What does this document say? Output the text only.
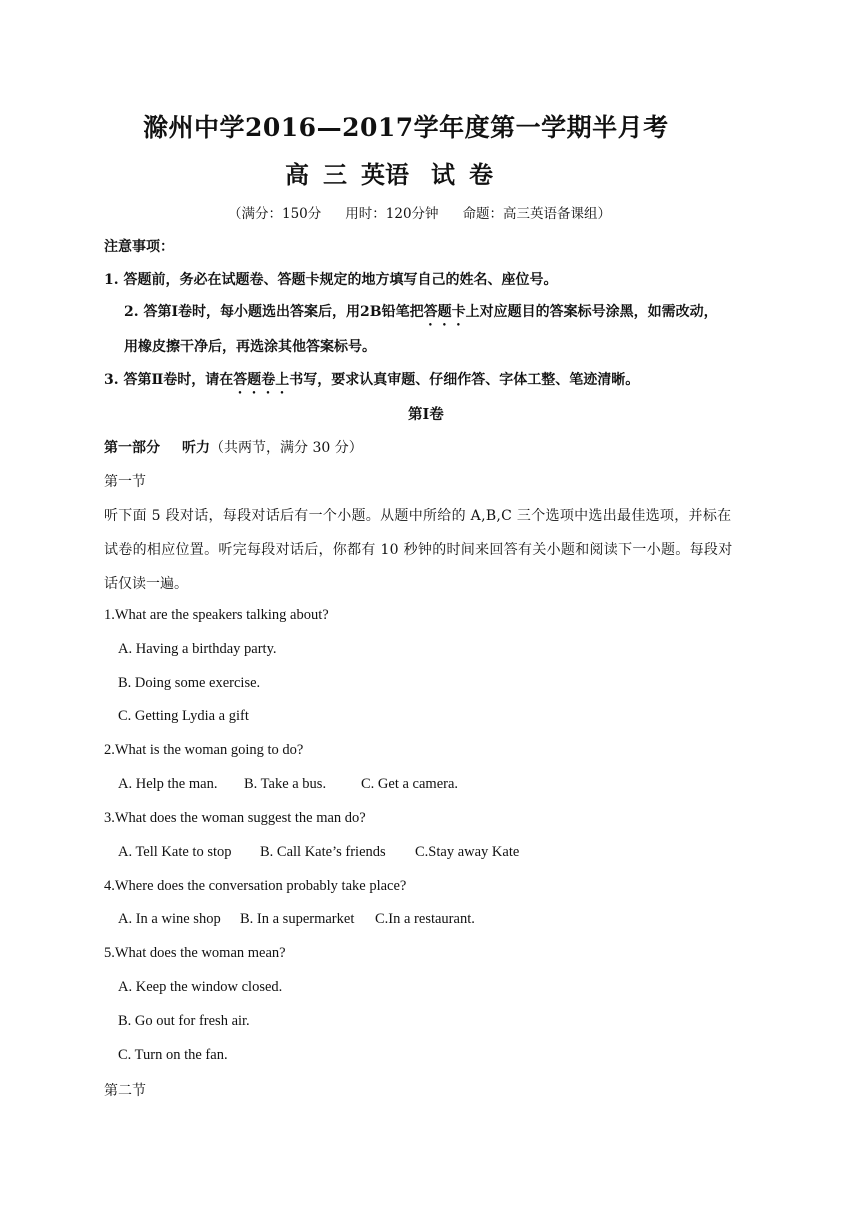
滁州中学2016—2017学年度第一学期半月考
高 三 英语 试 卷
（满分：150分 用时：120分钟 命题：高三英语备课组）
注意事项：
1. 答题前，务必在试题卷、答题卡规定的地方填写自己的姓名、座位号。
2. 答第Ⅰ卷时，每小题选出答案后，用2B铅笔把答题卡上对应题目的答案标号涂黑，如需改动，
用橡皮擦干净后，再选涂其他答案标号。
3. 答第Ⅱ卷时，请在答题卷上书写，要求认真审题、仔细作答、字体工整、笔迹清晰。
第Ⅰ卷
第一部分 听力（共两节，满分 30 分）
第一节
听下面 5 段对话，每段对话后有一个小题。从题中所给的 A,B,C 三个选项中选出最佳选项，并标在
试卷的相应位置。听完每段对话后，你都有 10 秒钟的时间来回答有关小题和阅读下一小题。每段对
话仅读一遍。
1.What are the speakers talking about?
A. Having a birthday party.
B. Doing some exercise.
C. Getting Lydia a gift
2.What is the woman going to do?
A. Help the man. B. Take a bus. C. Get a camera.
3.What does the woman suggest the man do?
A. Tell Kate to stop B. Call Kate’s friends C.Stay away Kate
4.Where does the conversation probably take place?
A. In a wine shop B. In a supermarket C.In a restaurant.
5.What does the woman mean?
A. Keep the window closed.
B. Go out for fresh air.
C. Turn on the fan.
第二节
